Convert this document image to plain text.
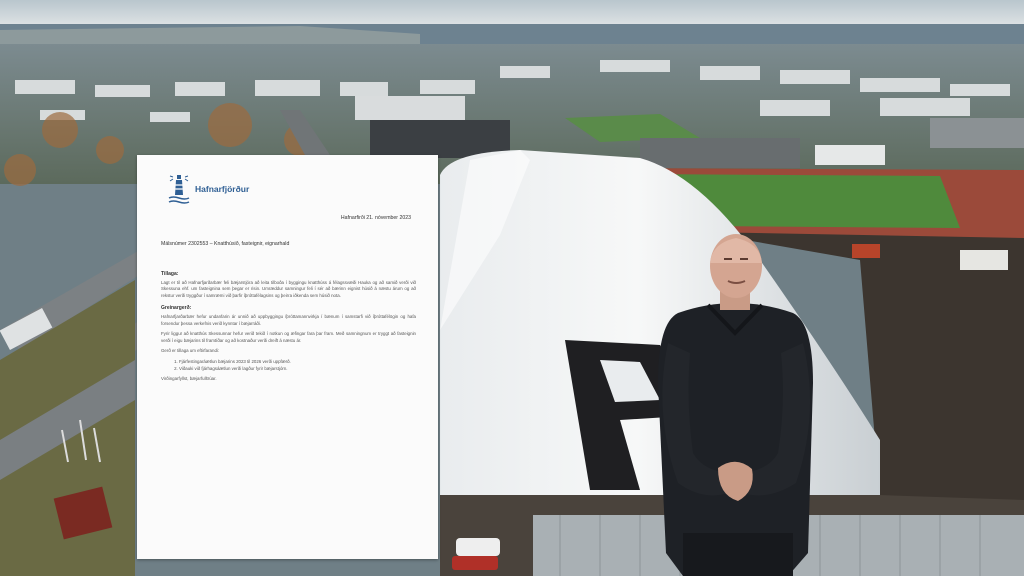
Hafnarfjörður
Hafnarfirði 21. nóvember 2023
Málsnúmer 2302553 – Knatthúsið, fasteignir, eignarhald
Tillaga:

Lagt er til að Hafnarfjarðarbær feli bæjarstjóra að leita tilboða í byggingu knatthúss á félagssvæði Hauka og að samið verði við Skessuna ehf. um fasteignina sem þegar er risin. Umræddur samningur feli í sér að bærinn eignist húsið á næstu árum og að rekstur verði tryggður í samræmi við þarfir íþróttafélagsins og þeirra iðkenda sem húsið nota.

Greinargerð:

Hafnarfjarðarbær hefur undanfarin ár unnið að uppbyggingu íþróttamannvirkja í bænum í samstarfi við íþróttafélögin og hafa forsendur þessa verkefnis verið kynntar í bæjarráði.

Fyrir liggur að knatthús Skessunnar hefur verið tekið í notkun og æfingar fara þar fram. Með samningnum er tryggt að fasteignin verði í eigu bæjarins til framtíðar og að kostnaður verði dreift á næstu ár.

Gerð er tillaga um eftirfarandi:

1. Fjárfestingaráætlun bæjarins 2023 til 2026 verði uppfærð.
2. Viðauki við fjárhagsáætlun verði lagður fyrir bæjarstjórn.

Virðingarfyllst, bæjarfulltrúar.
